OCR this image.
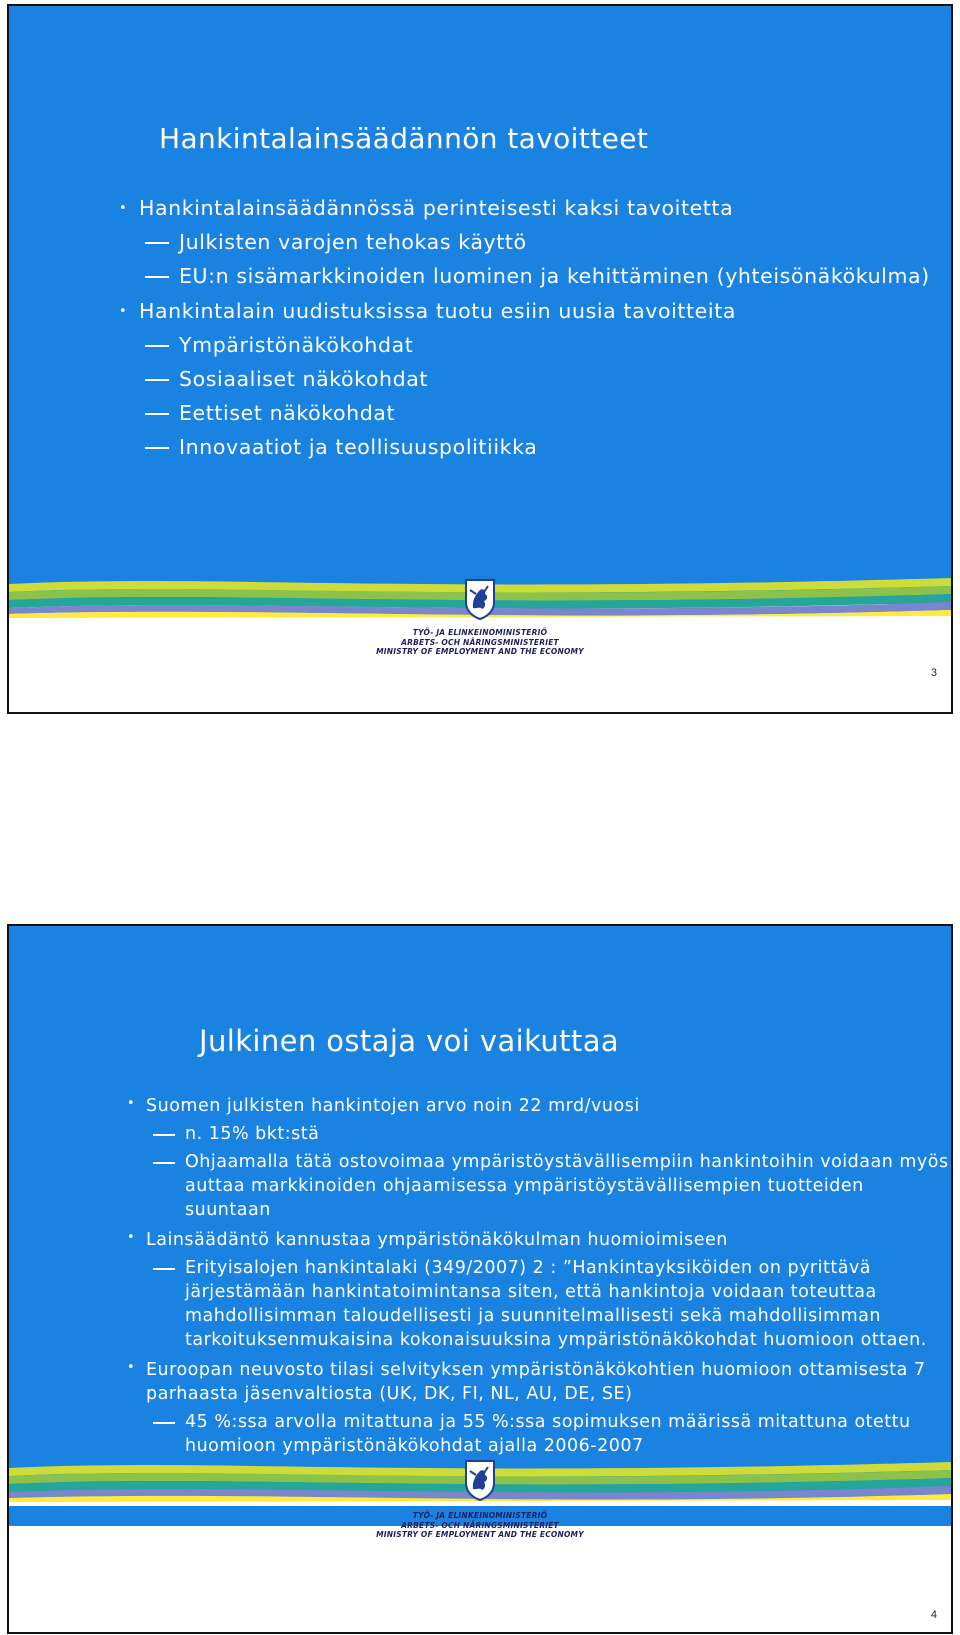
Hankintalainsäädännön tavoitteet
• Hankintalainsäädännössä perinteisesti kaksi tavoitetta
Julkisten varojen tehokas käyttö
EU:n sisämarkkinoiden luominen ja kehittäminen (yhteisönäkökulma)
• Hankintalain uudistuksissa tuotu esiin uusia tavoitteita
Ympäristönäkökohdat
Sosiaaliset näkökohdat
Eettiset näkökohdat
Innovaatiot ja teollisuuspolitiikka
TYÖ- JA ELINKEINOMINISTERIÖ
ARBETS- OCH NÄRINGSMINISTERIET
MINISTRY OF EMPLOYMENT AND THE ECONOMY
3
Julkinen ostaja voi vaikuttaa
• Suomen julkisten hankintojen arvo noin 22 mrd/vuosi
n. 15% bkt:stä
Ohjaamalla tätä ostovoimaa ympäristöystävällisempiin hankintoihin voidaan myös auttaa markkinoiden ohjaamisessa ympäristöystävällisempien tuotteiden suuntaan
• Lainsäädäntö kannustaa ympäristönäkökulman huomioimiseen
Erityisalojen hankintalaki (349/2007) 2 : ”Hankintayksiköiden on pyrittävä järjestämään hankintatoimintansa siten, että hankintoja voidaan toteuttaa mahdollisimman taloudellisesti ja suunnitelmallisesti sekä mahdollisimman tarkoituksenmukaisina kokonaisuuksina ympäristönäkökohdat huomioon ottaen.
• Euroopan neuvosto tilasi selvityksen ympäristönäkökohtien huomioon ottamisesta 7 parhaasta jäsenvaltiosta (UK, DK, FI, NL, AU, DE, SE)
45 %:ssa arvolla mitattuna ja 55 %:ssa sopimuksen määrissä mitattuna otettu huomioon ympäristönäkökohdat ajalla 2006-2007
TYÖ- JA ELINKEINOMINISTERIÖ
ARBETS- OCH NÄRINGSMINISTERIET
MINISTRY OF EMPLOYMENT AND THE ECONOMY
4
